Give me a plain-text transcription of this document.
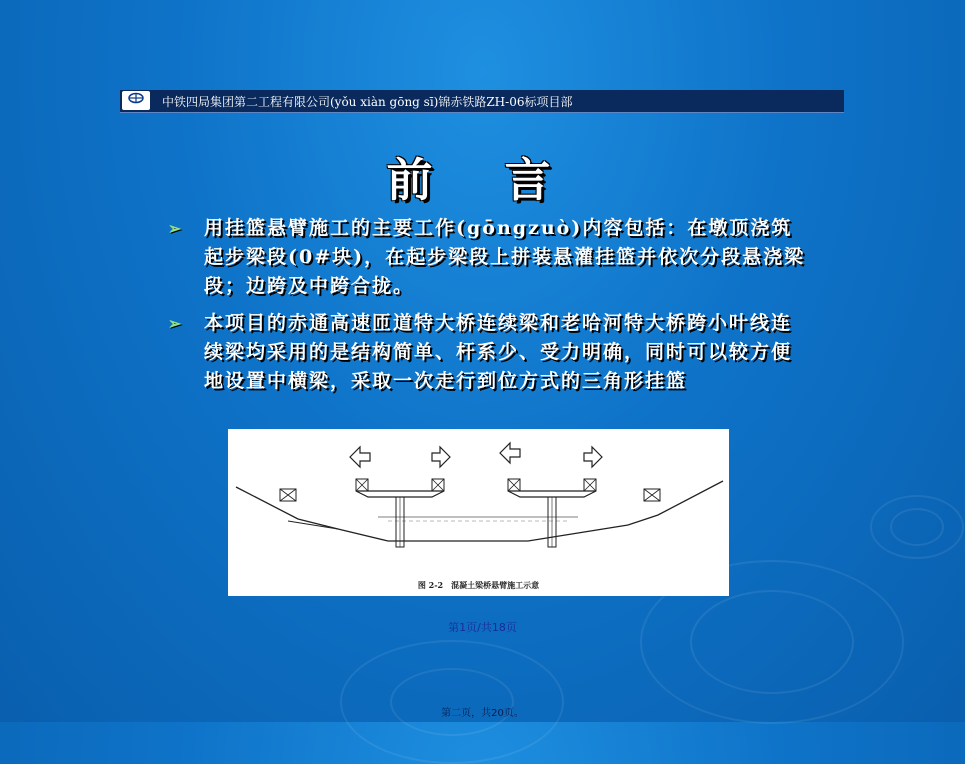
中铁四局集团第二工程有限公司(yǒu xiàn gōng sī)锦赤铁路ZH-06标项目部
前 言
➢ 用挂篮悬臂施工的主要工作(gōngzuò)内容包括：在墩顶浇筑起步梁段(0#块)，在起步梁段上拼装悬灌挂篮并依次分段悬浇梁段；边跨及中跨合拢。
➢ 本项目的赤通高速匝道特大桥连续梁和老哈河特大桥跨小叶线连续梁均采用的是结构简单、杆系少、受力明确，同时可以较方便地设置中横梁，采取一次走行到位方式的三角形挂篮
图 2-2　混凝土梁桥悬臂施工示意
第1页/共18页
第二页，共20页。
